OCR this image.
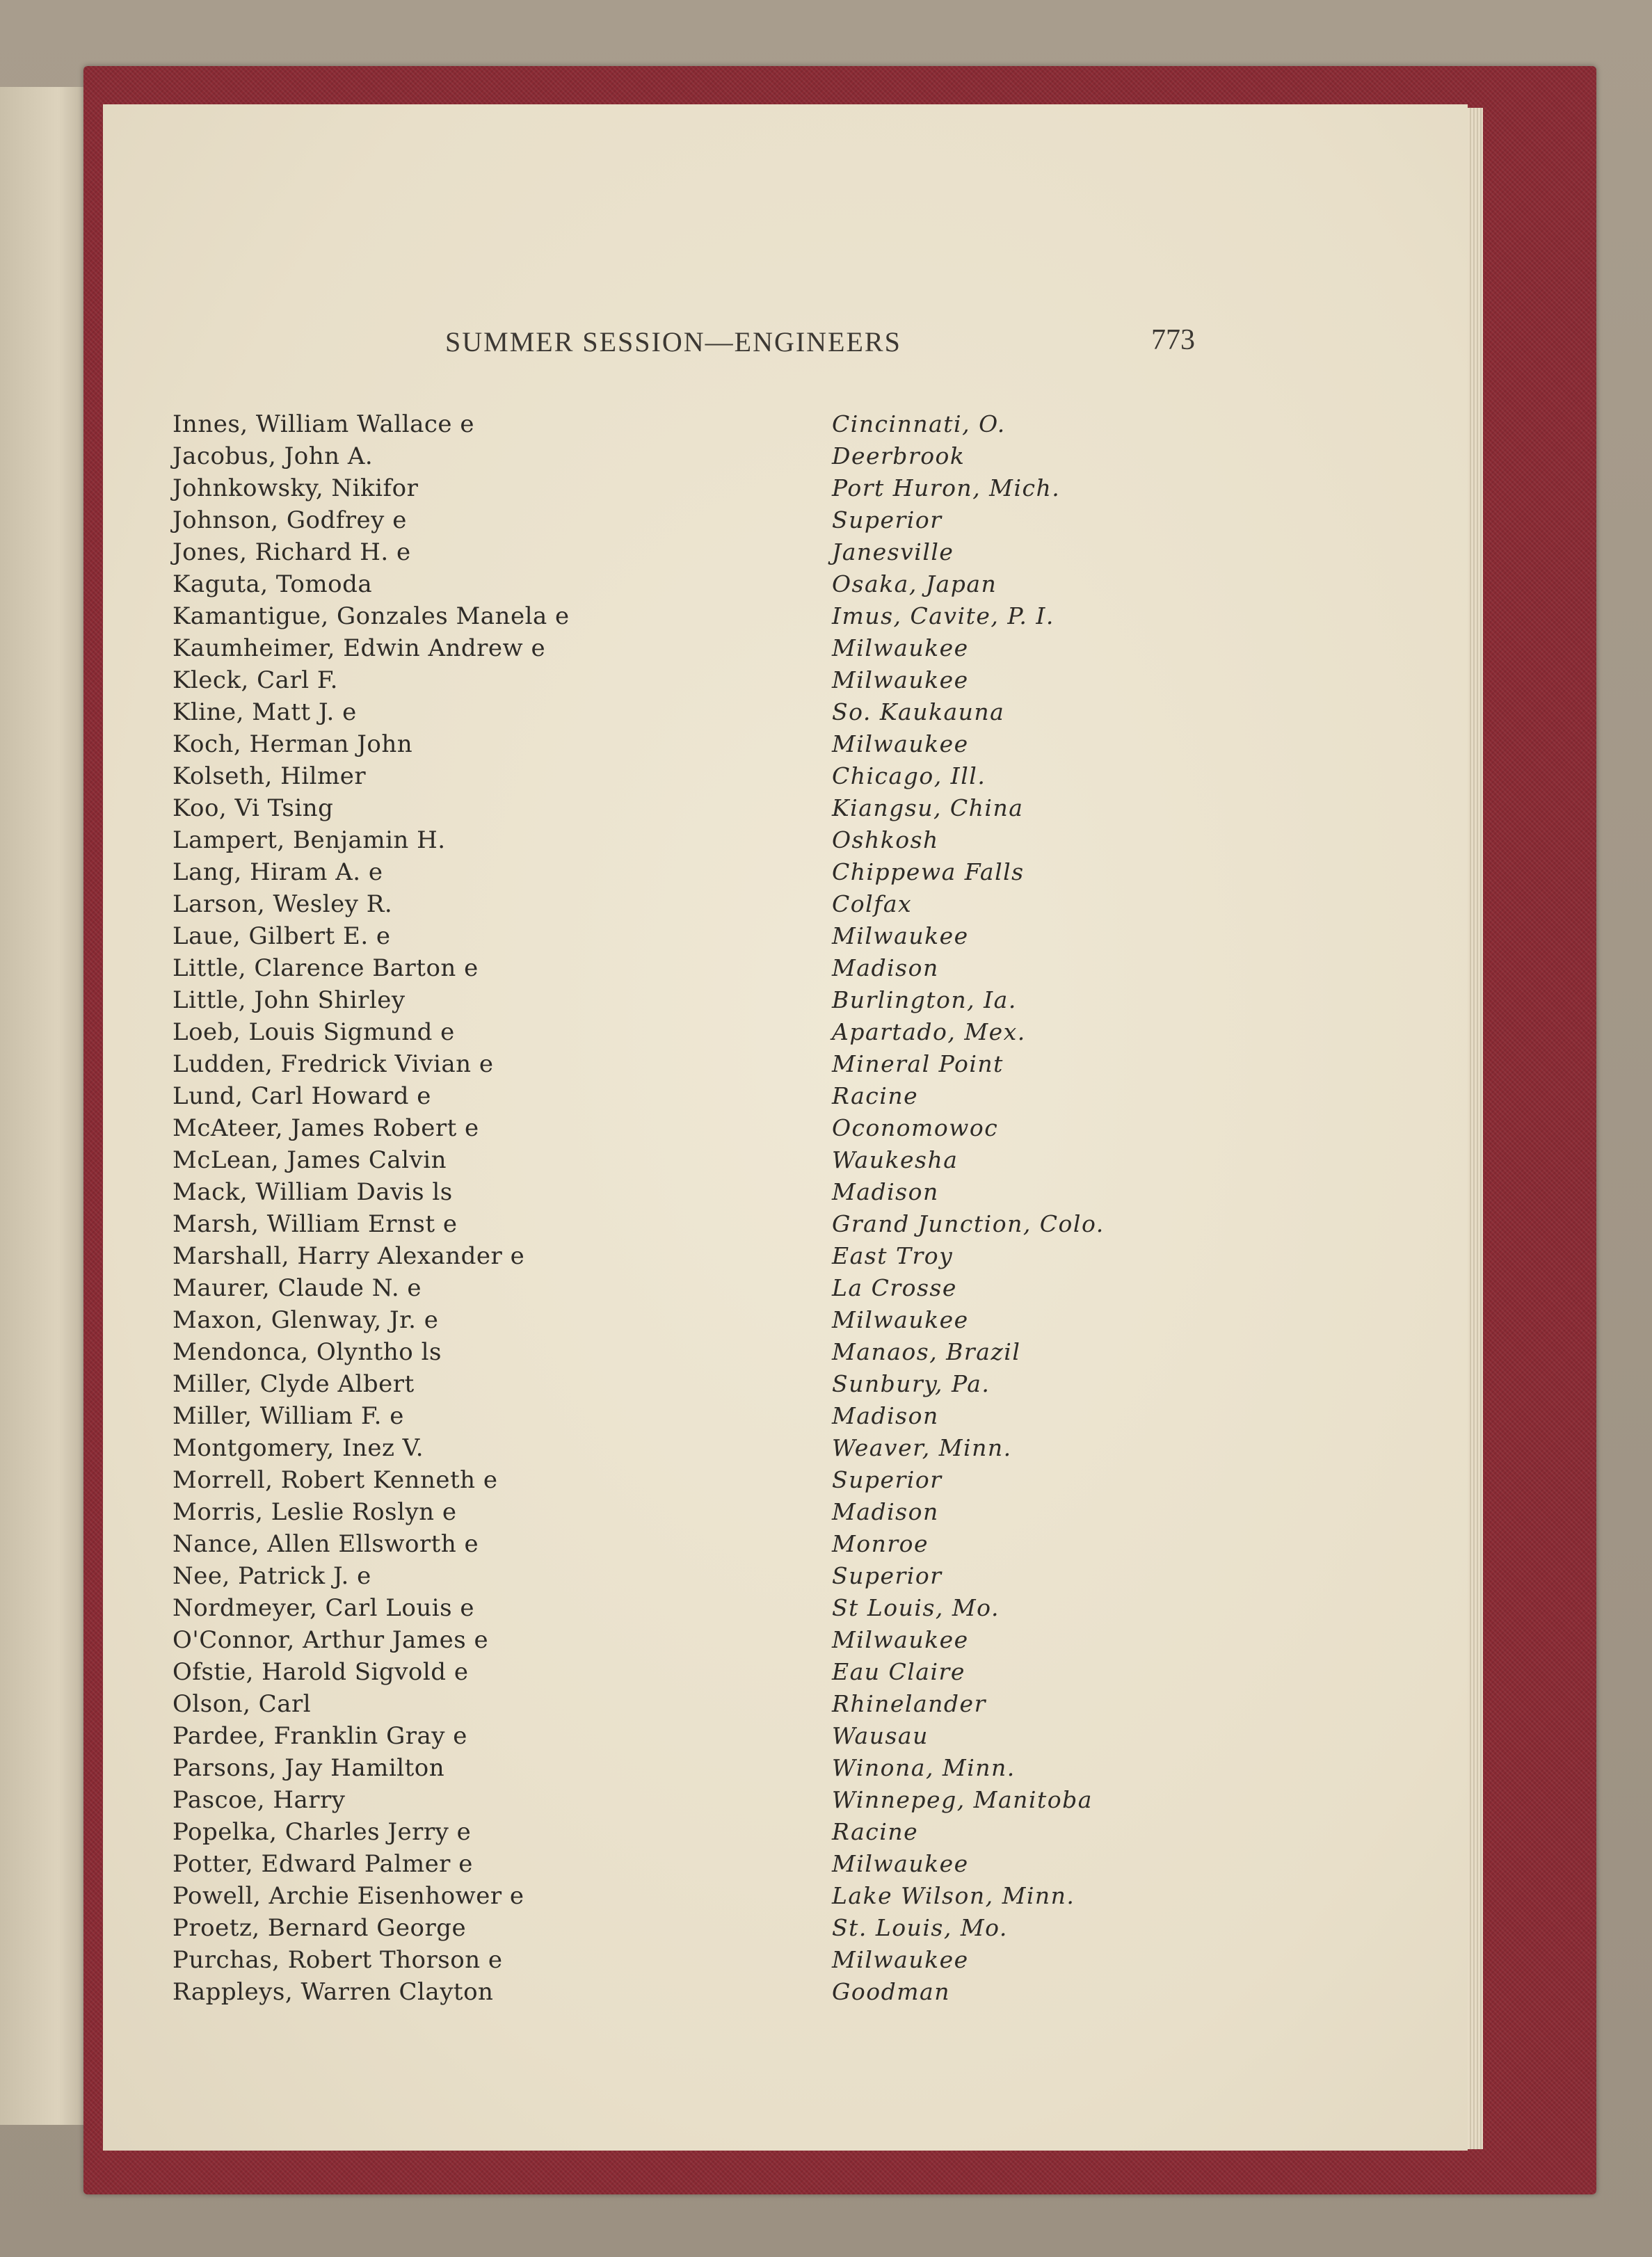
SUMMER SESSION—ENGINEERS	773
Innes, William Wallace e	Cincinnati, O.
Jacobus, John A.	Deerbrook
Johnkowsky, Nikifor	Port Huron, Mich.
Johnson, Godfrey e	Superior
Jones, Richard H. e	Janesville
Kaguta, Tomoda	Osaka, Japan
Kamantigue, Gonzales Manela e	Imus, Cavite, P. I.
Kaumheimer, Edwin Andrew e	Milwaukee
Kleck, Carl F.	Milwaukee
Kline, Matt J. e	So. Kaukauna
Koch, Herman John	Milwaukee
Kolseth, Hilmer	Chicago, Ill.
Koo, Vi Tsing	Kiangsu, China
Lampert, Benjamin H.	Oshkosh
Lang, Hiram A. e	Chippewa Falls
Larson, Wesley R.	Colfax
Laue, Gilbert E. e	Milwaukee
Little, Clarence Barton e	Madison
Little, John Shirley	Burlington, Ia.
Loeb, Louis Sigmund e	Apartado, Mex.
Ludden, Fredrick Vivian e	Mineral Point
Lund, Carl Howard e	Racine
McAteer, James Robert e	Oconomowoc
McLean, James Calvin	Waukesha
Mack, William Davis ls	Madison
Marsh, William Ernst e	Grand Junction, Colo.
Marshall, Harry Alexander e	East Troy
Maurer, Claude N. e	La Crosse
Maxon, Glenway, Jr. e	Milwaukee
Mendonca, Olyntho ls	Manaos, Brazil
Miller, Clyde Albert	Sunbury, Pa.
Miller, William F. e	Madison
Montgomery, Inez V.	Weaver, Minn.
Morrell, Robert Kenneth e	Superior
Morris, Leslie Roslyn e	Madison
Nance, Allen Ellsworth e	Monroe
Nee, Patrick J. e	Superior
Nordmeyer, Carl Louis e	St Louis, Mo.
O'Connor, Arthur James e	Milwaukee
Ofstie, Harold Sigvold e	Eau Claire
Olson, Carl	Rhinelander
Pardee, Franklin Gray e	Wausau
Parsons, Jay Hamilton	Winona, Minn.
Pascoe, Harry	Winnepeg, Manitoba
Popelka, Charles Jerry e	Racine
Potter, Edward Palmer e	Milwaukee
Powell, Archie Eisenhower e	Lake Wilson, Minn.
Proetz, Bernard George	St. Louis, Mo.
Purchas, Robert Thorson e	Milwaukee
Rappleys, Warren Clayton	Goodman
